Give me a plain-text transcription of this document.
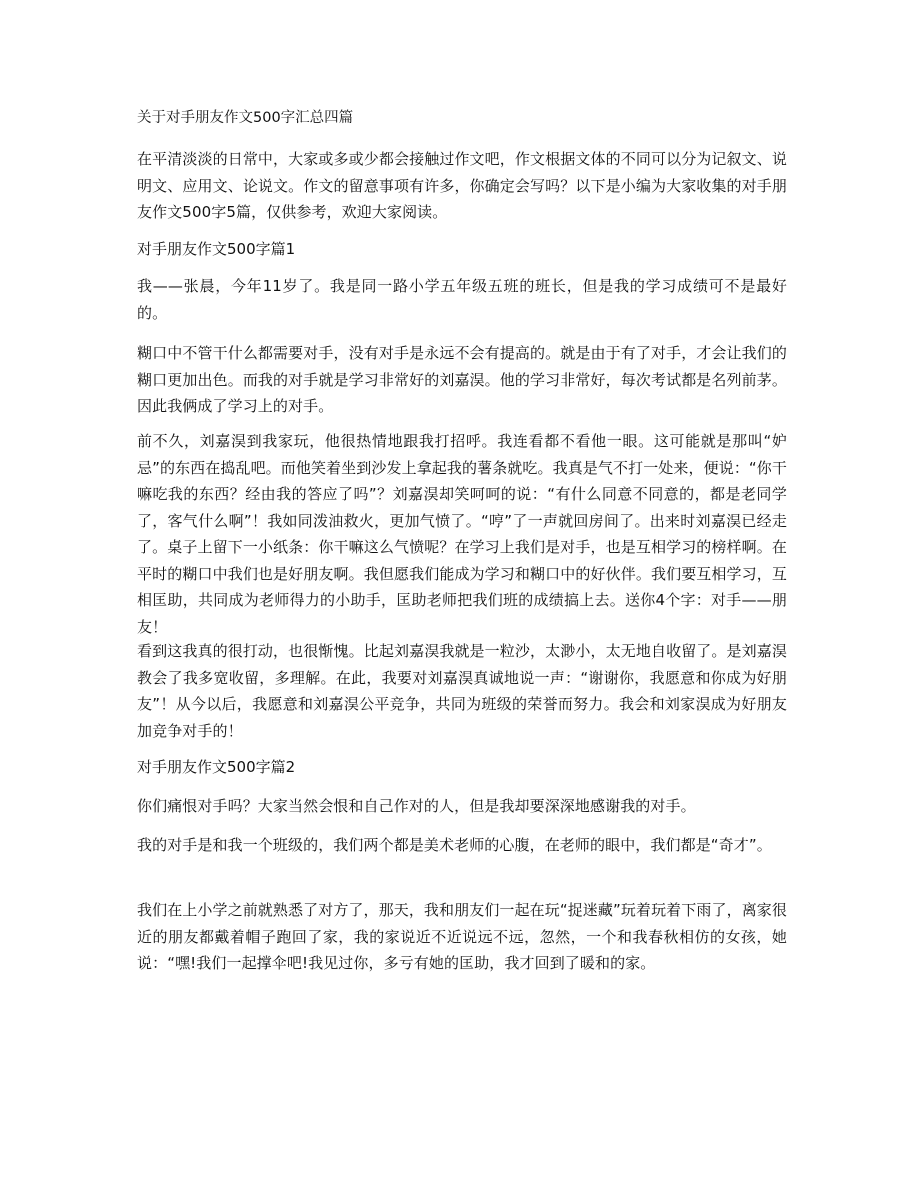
关于对手朋友作文500字汇总四篇

在平清淡淡的日常中，大家或多或少都会接触过作文吧，作文根据文体的不同可以分为记叙文、说明文、应用文、论说文。作文的留意事项有许多，你确定会写吗？以下是小编为大家收集的对手朋友作文500字5篇，仅供参考，欢迎大家阅读。

对手朋友作文500字篇1

我——张晨，今年11岁了。我是同一路小学五年级五班的班长，但是我的学习成绩可不是最好的。

糊口中不管干什么都需要对手，没有对手是永远不会有提高的。就是由于有了对手，才会让我们的糊口更加出色。而我的对手就是学习非常好的刘嘉淏。他的学习非常好，每次考试都是名列前茅。因此我俩成了学习上的对手。

前不久，刘嘉淏到我家玩，他很热情地跟我打招呼。我连看都不看他一眼。这可能就是那叫“妒忌”的东西在捣乱吧。而他笑着坐到沙发上拿起我的薯条就吃。我真是气不打一处来，便说：“你干嘛吃我的东西？经由我的答应了吗”？刘嘉淏却笑呵呵的说：“有什么同意不同意的，都是老同学了，客气什么啊”！我如同泼油救火，更加气愤了。“哼”了一声就回房间了。出来时刘嘉淏已经走了。桌子上留下一小纸条：你干嘛这么气愤呢？在学习上我们是对手，也是互相学习的榜样啊。在平时的糊口中我们也是好朋友啊。我但愿我们能成为学习和糊口中的好伙伴。我们要互相学习，互相匡助，共同成为老师得力的小助手，匡助老师把我们班的成绩搞上去。送你4个字：对手——朋友！

看到这我真的很打动，也很惭愧。比起刘嘉淏我就是一粒沙，太渺小，太无地自收留了。是刘嘉淏教会了我多宽收留，多理解。在此，我要对刘嘉淏真诚地说一声：“谢谢你，我愿意和你成为好朋友”！从今以后，我愿意和刘嘉淏公平竞争，共同为班级的荣誉而努力。我会和刘家淏成为好朋友加竞争对手的！

对手朋友作文500字篇2

你们痛恨对手吗？大家当然会恨和自己作对的人，但是我却要深深地感谢我的对手。

我的对手是和我一个班级的，我们两个都是美术老师的心腹，在老师的眼中，我们都是“奇才”。

我们在上小学之前就熟悉了对方了，那天，我和朋友们一起在玩“捉迷藏”玩着玩着下雨了，离家很近的朋友都戴着帽子跑回了家，我的家说近不近说远不远，忽然，一个和我春秋相仿的女孩，她说：“嘿!我们一起撑伞吧!我见过你，多亏有她的匡助，我才回到了暖和的家。
